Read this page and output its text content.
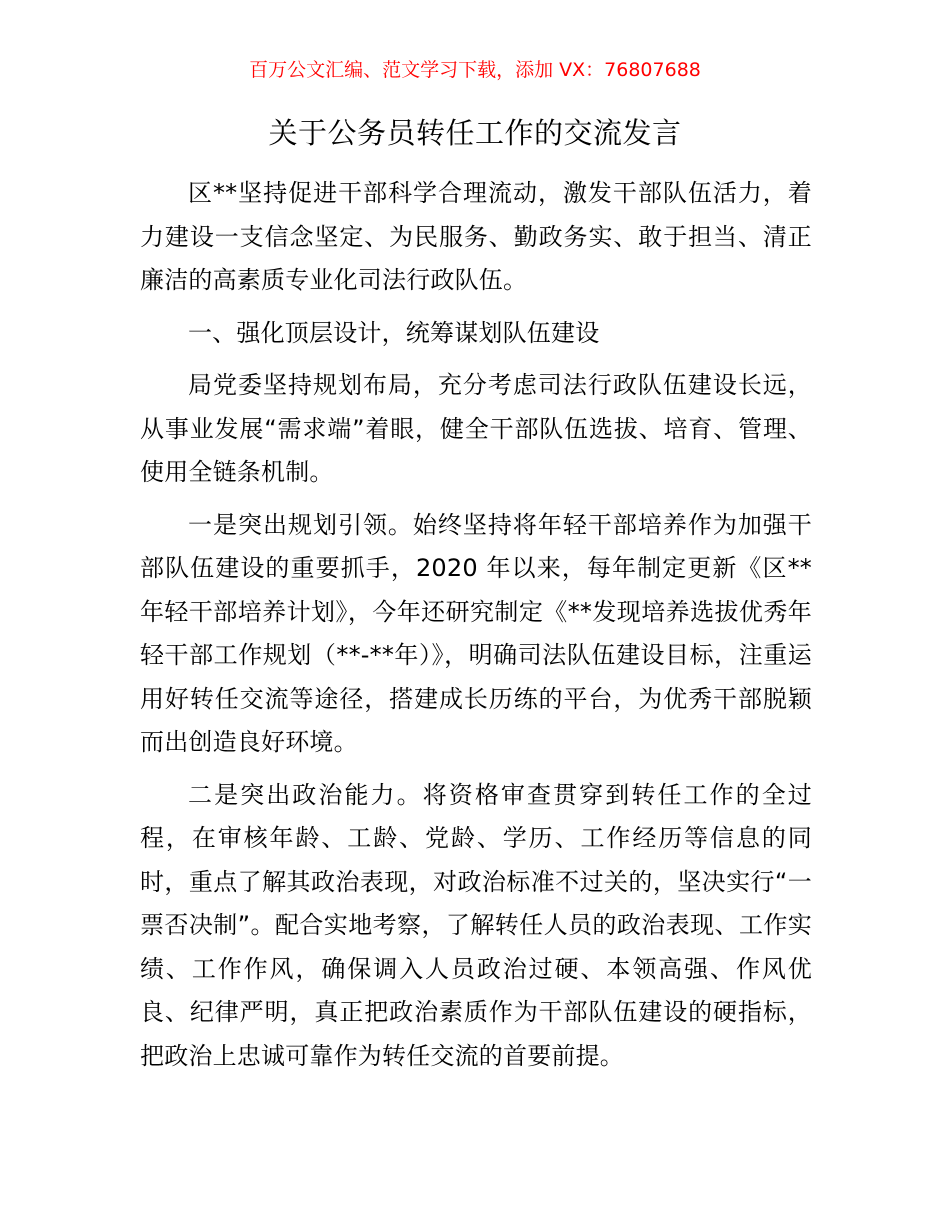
百万公文汇编、范文学习下载，添加 VX：76807688
关于公务员转任工作的交流发言

区**坚持促进干部科学合理流动，激发干部队伍活力，着力建设一支信念坚定、为民服务、勤政务实、敢于担当、清正廉洁的高素质专业化司法行政队伍。

一、强化顶层设计，统筹谋划队伍建设

局党委坚持规划布局，充分考虑司法行政队伍建设长远，从事业发展“需求端”着眼，健全干部队伍选拔、培育、管理、使用全链条机制。

一是突出规划引领。始终坚持将年轻干部培养作为加强干部队伍建设的重要抓手，2020 年以来，每年制定更新《区**年轻干部培养计划》，今年还研究制定《**发现培养选拔优秀年轻干部工作规划（**-**年）》，明确司法队伍建设目标，注重运用好转任交流等途径，搭建成长历练的平台，为优秀干部脱颖而出创造良好环境。

二是突出政治能力。将资格审查贯穿到转任工作的全过程，在审核年龄、工龄、党龄、学历、工作经历等信息的同时，重点了解其政治表现，对政治标准不过关的，坚决实行“一票否决制”。配合实地考察，了解转任人员的政治表现、工作实绩、工作作风，确保调入人员政治过硬、本领高强、作风优良、纪律严明，真正把政治素质作为干部队伍建设的硬指标，把政治上忠诚可靠作为转任交流的首要前提。
